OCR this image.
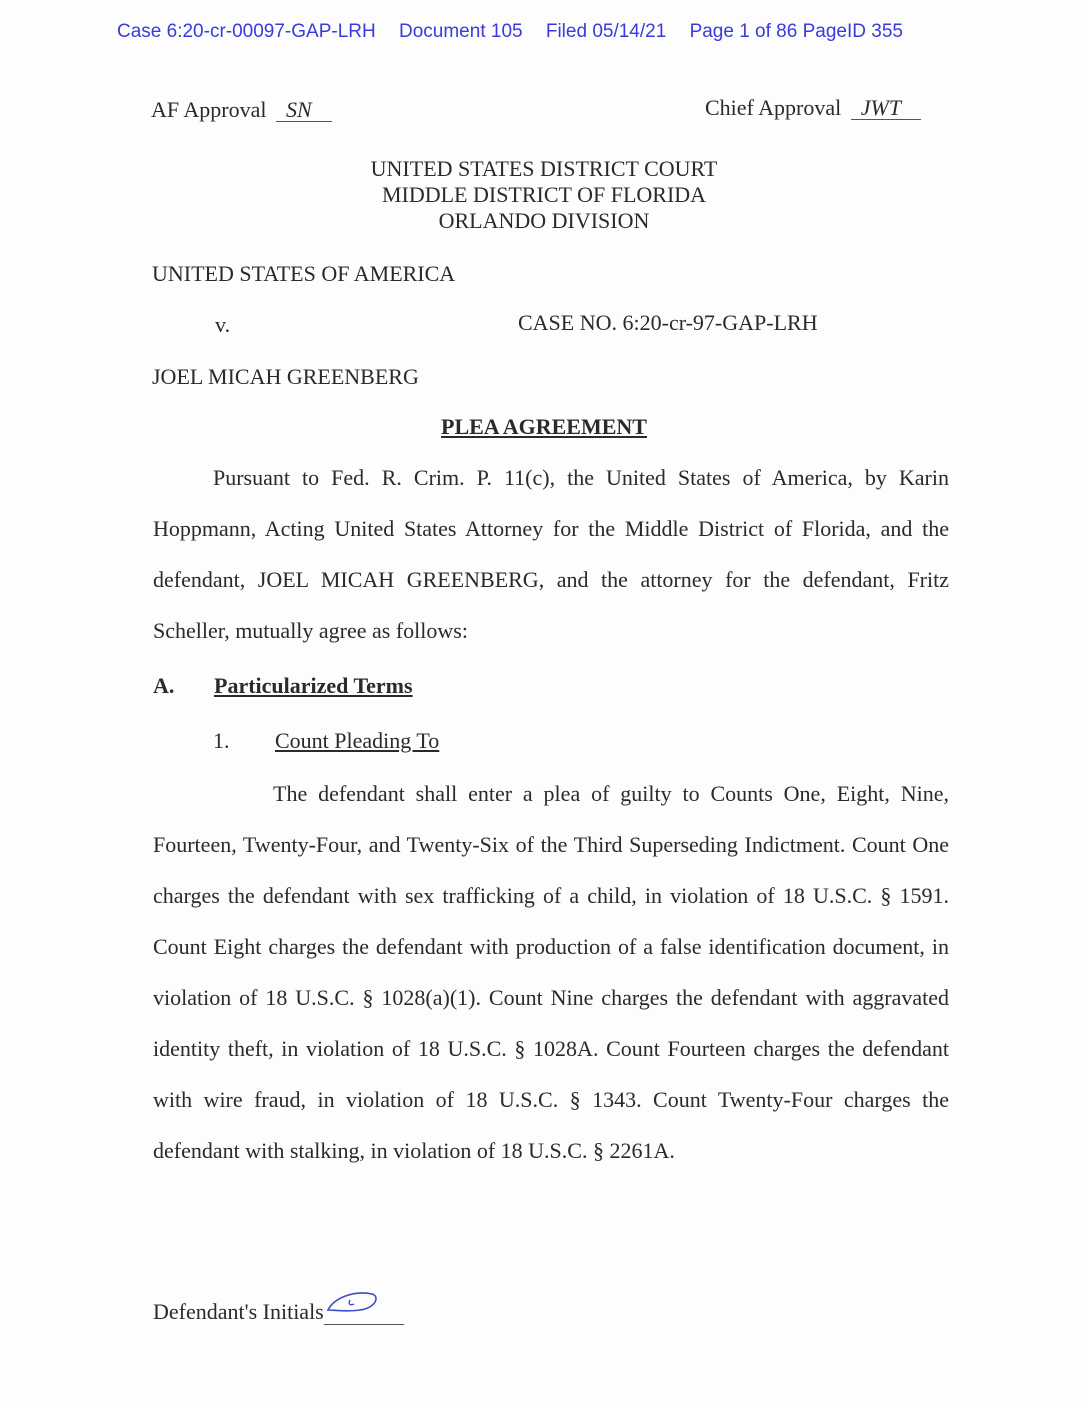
Case 6:20-cr-00097-GAP-LRH Document 105 Filed 05/14/21 Page 1 of 86 PageID 355
AF Approval SN	Chief Approval JWT
UNITED STATES DISTRICT COURT
MIDDLE DISTRICT OF FLORIDA
ORLANDO DIVISION
UNITED STATES OF AMERICA
v.	CASE NO. 6:20-cr-97-GAP-LRH
JOEL MICAH GREENBERG
PLEA AGREEMENT
Pursuant to Fed. R. Crim. P. 11(c), the United States of America, by Karin Hoppmann, Acting United States Attorney for the Middle District of Florida, and the defendant, JOEL MICAH GREENBERG, and the attorney for the defendant, Fritz Scheller, mutually agree as follows:
A. Particularized Terms
1. Count Pleading To
The defendant shall enter a plea of guilty to Counts One, Eight, Nine, Fourteen, Twenty-Four, and Twenty-Six of the Third Superseding Indictment. Count One charges the defendant with sex trafficking of a child, in violation of 18 U.S.C. § 1591. Count Eight charges the defendant with production of a false identification document, in violation of 18 U.S.C. § 1028(a)(1). Count Nine charges the defendant with aggravated identity theft, in violation of 18 U.S.C. § 1028A. Count Fourteen charges the defendant with wire fraud, in violation of 18 U.S.C. § 1343. Count Twenty-Four charges the defendant with stalking, in violation of 18 U.S.C. § 2261A.
Defendant's Initials
